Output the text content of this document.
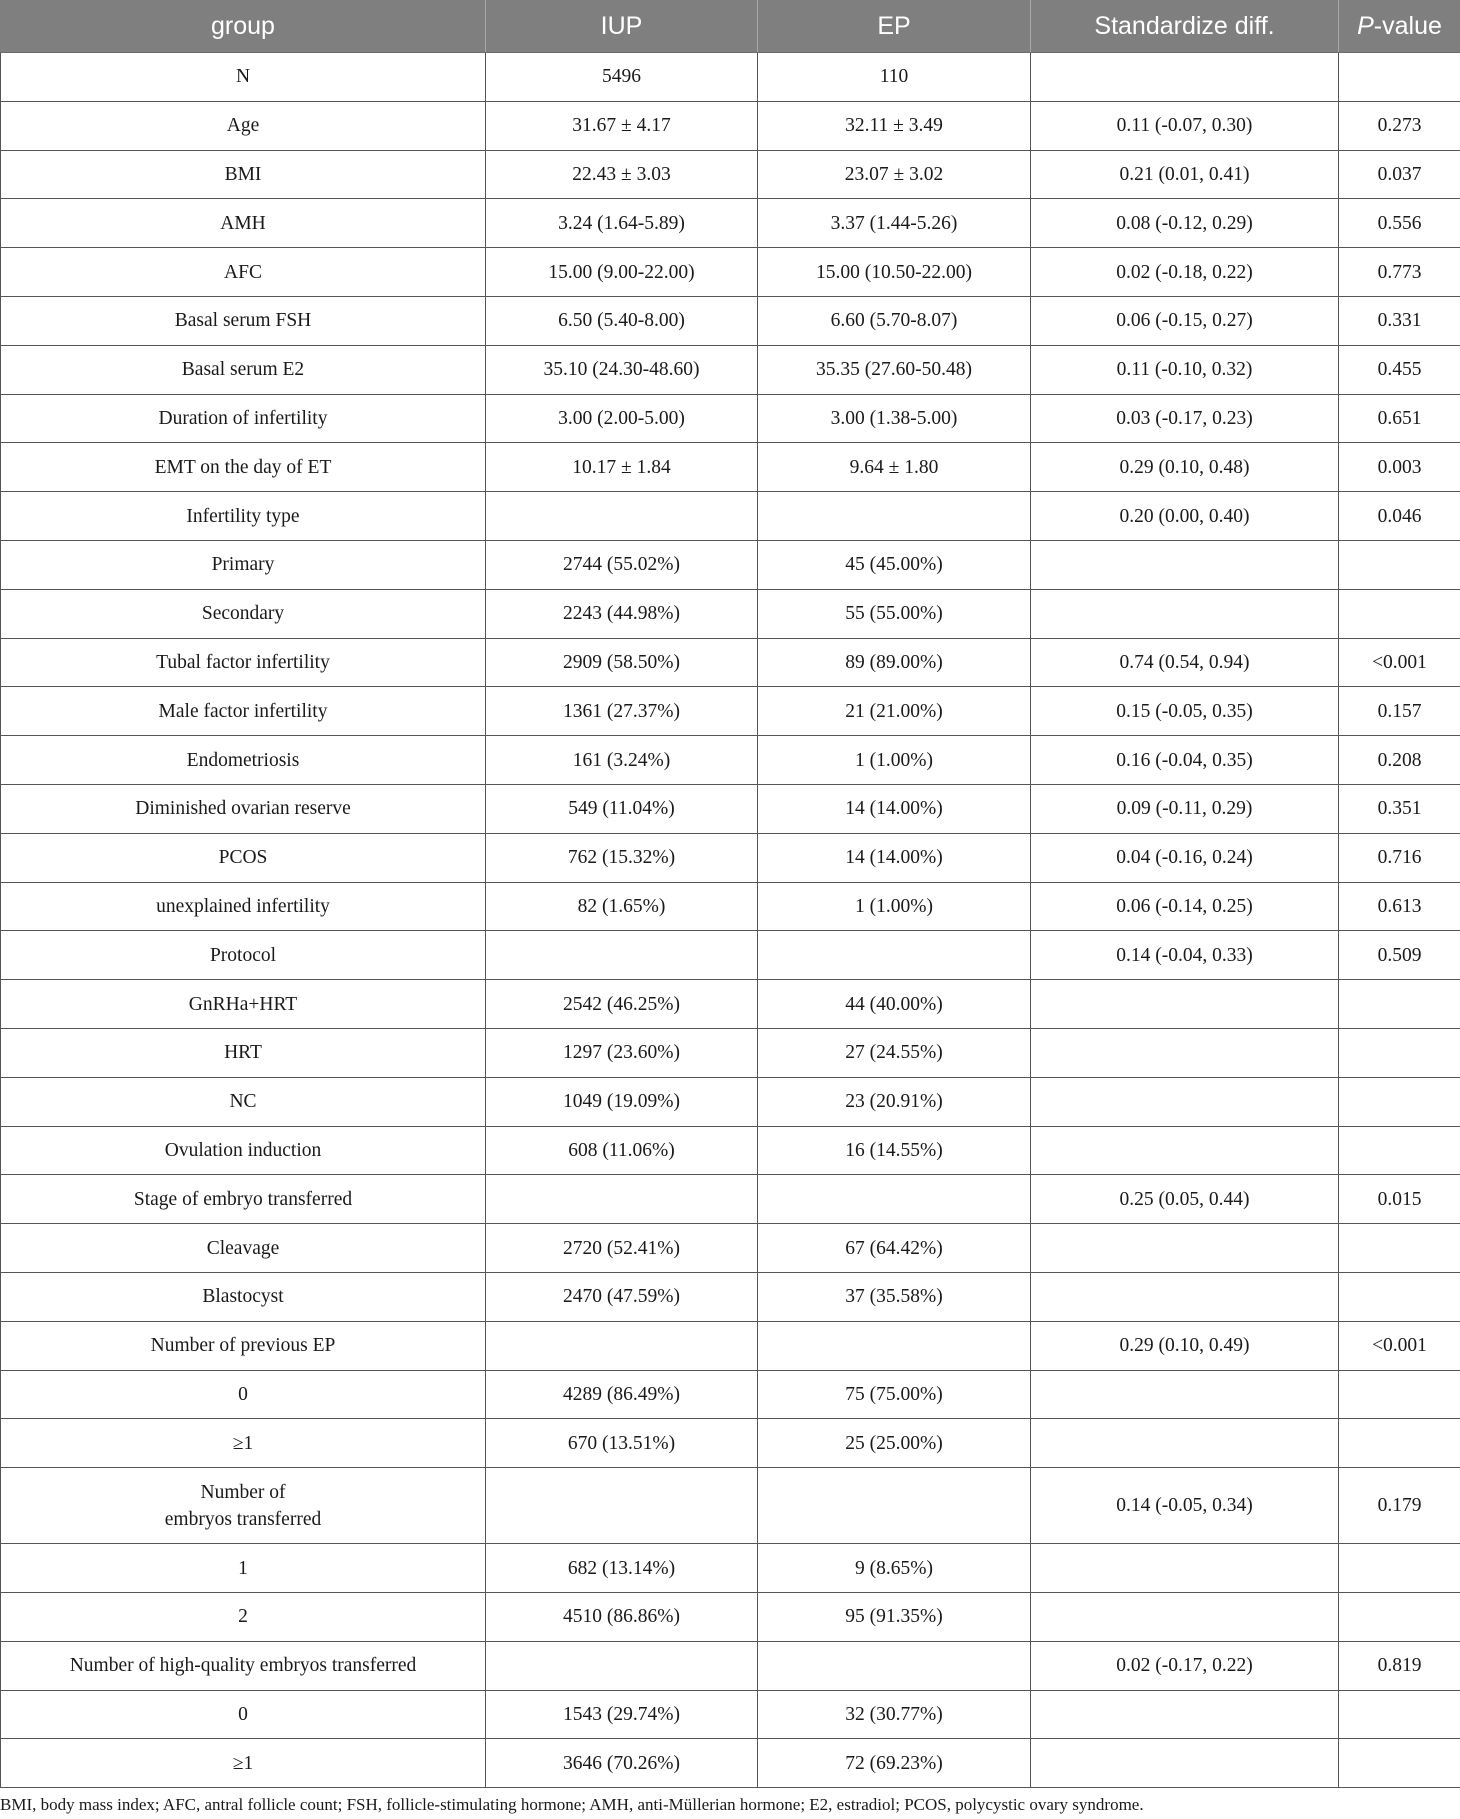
group	IUP	EP	Standardize diff.	P-value
N	5496	110		
Age	31.67 ± 4.17	32.11 ± 3.49	0.11 (-0.07, 0.30)	0.273
BMI	22.43 ± 3.03	23.07 ± 3.02	0.21 (0.01, 0.41)	0.037
AMH	3.24 (1.64-5.89)	3.37 (1.44-5.26)	0.08 (-0.12, 0.29)	0.556
AFC	15.00 (9.00-22.00)	15.00 (10.50-22.00)	0.02 (-0.18, 0.22)	0.773
Basal serum FSH	6.50 (5.40-8.00)	6.60 (5.70-8.07)	0.06 (-0.15, 0.27)	0.331
Basal serum E2	35.10 (24.30-48.60)	35.35 (27.60-50.48)	0.11 (-0.10, 0.32)	0.455
Duration of infertility	3.00 (2.00-5.00)	3.00 (1.38-5.00)	0.03 (-0.17, 0.23)	0.651
EMT on the day of ET	10.17 ± 1.84	9.64 ± 1.80	0.29 (0.10, 0.48)	0.003
Infertility type			0.20 (0.00, 0.40)	0.046
Primary	2744 (55.02%)	45 (45.00%)		
Secondary	2243 (44.98%)	55 (55.00%)		
Tubal factor infertility	2909 (58.50%)	89 (89.00%)	0.74 (0.54, 0.94)	<0.001
Male factor infertility	1361 (27.37%)	21 (21.00%)	0.15 (-0.05, 0.35)	0.157
Endometriosis	161 (3.24%)	1 (1.00%)	0.16 (-0.04, 0.35)	0.208
Diminished ovarian reserve	549 (11.04%)	14 (14.00%)	0.09 (-0.11, 0.29)	0.351
PCOS	762 (15.32%)	14 (14.00%)	0.04 (-0.16, 0.24)	0.716
unexplained infertility	82 (1.65%)	1 (1.00%)	0.06 (-0.14, 0.25)	0.613
Protocol			0.14 (-0.04, 0.33)	0.509
GnRHa+HRT	2542 (46.25%)	44 (40.00%)		
HRT	1297 (23.60%)	27 (24.55%)		
NC	1049 (19.09%)	23 (20.91%)		
Ovulation induction	608 (11.06%)	16 (14.55%)		
Stage of embryo transferred			0.25 (0.05, 0.44)	0.015
Cleavage	2720 (52.41%)	67 (64.42%)		
Blastocyst	2470 (47.59%)	37 (35.58%)		
Number of previous EP			0.29 (0.10, 0.49)	<0.001
0	4289 (86.49%)	75 (75.00%)		
≥1	670 (13.51%)	25 (25.00%)		

Number of
embryos transferred			0.14 (-0.05, 0.34)	0.179
1	682 (13.14%)	9 (8.65%)		
2	4510 (86.86%)	95 (91.35%)		
Number of high-quality embryos transferred			0.02 (-0.17, 0.22)	0.819
0	1543 (29.74%)	32 (30.77%)		
≥1	3646 (70.26%)	72 (69.23%)		
BMI, body mass index; AFC, antral follicle count; FSH, follicle-stimulating hormone; AMH, anti-Müllerian hormone; E2, estradiol; PCOS, polycystic ovary syndrome.
